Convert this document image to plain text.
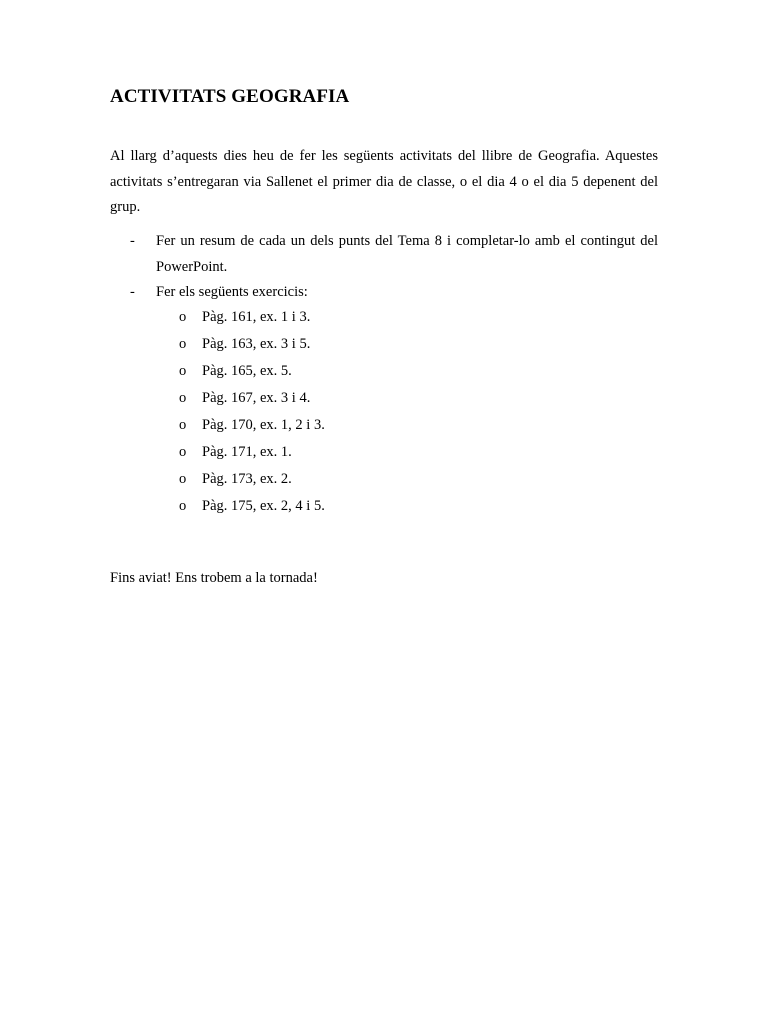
ACTIVITATS GEOGRAFIA

Al llarg d’aquests dies heu de fer les següents activitats del llibre de Geografia. Aquestes activitats s’entregaran via Sallenet el primer dia de classe, o el dia 4 o el dia 5 depenent del grup.

- Fer un resum de cada un dels punts del Tema 8 i completar-lo amb el contingut del PowerPoint.
- Fer els següents exercicis:
o Pàg. 161, ex. 1 i 3.
o Pàg. 163, ex. 3 i 5.
o Pàg. 165, ex. 5.
o Pàg. 167, ex. 3 i 4.
o Pàg. 170, ex. 1, 2 i 3.
o Pàg. 171, ex. 1.
o Pàg. 173, ex. 2.
o Pàg. 175, ex. 2, 4 i 5.

Fins aviat! Ens trobem a la tornada!
